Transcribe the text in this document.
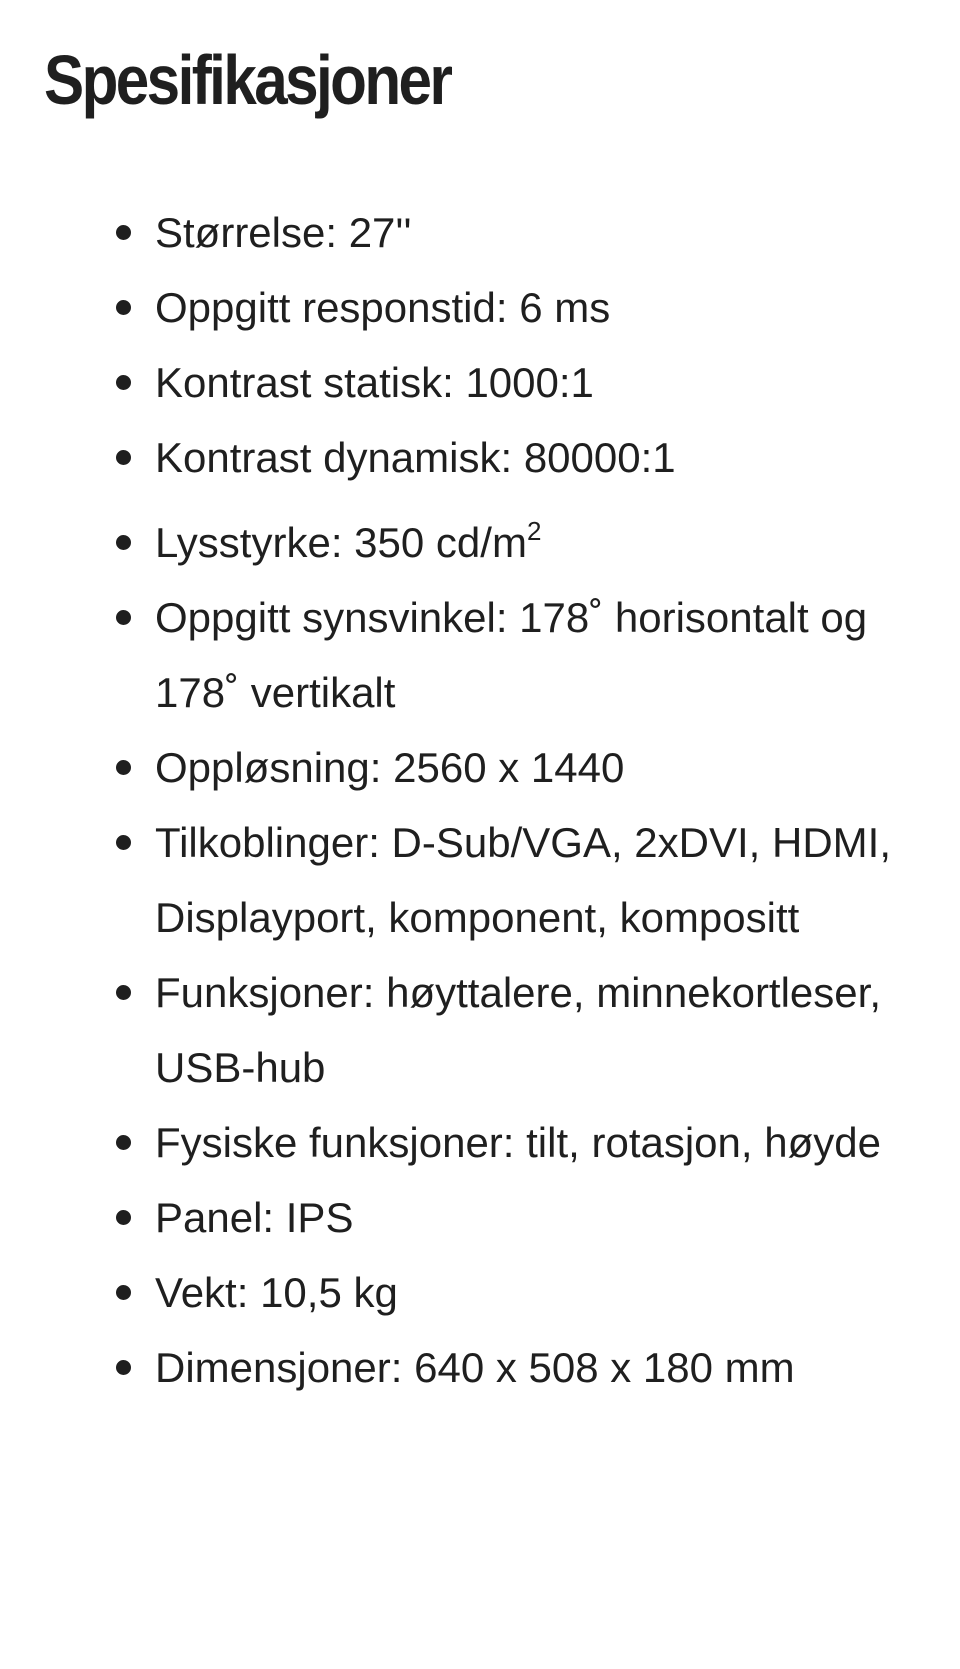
Spesifikasjoner
Størrelse: 27''
Oppgitt responstid: 6 ms
Kontrast statisk: 1000:1
Kontrast dynamisk: 80000:1
Lysstyrke: 350 $cd/m^2$
Oppgitt synsvinkel: 178˚ horisontalt og 178˚ vertikalt
Oppløsning: 2560 x 1440
Tilkoblinger: D-Sub/VGA, 2xDVI, HDMI, Displayport, komponent, kompositt
Funksjoner: høyttalere, minnekortleser, USB-hub
Fysiske funksjoner: tilt, rotasjon, høyde
Panel: IPS
Vekt: 10,5 kg
Dimensjoner: 640 x 508 x 180 mm
